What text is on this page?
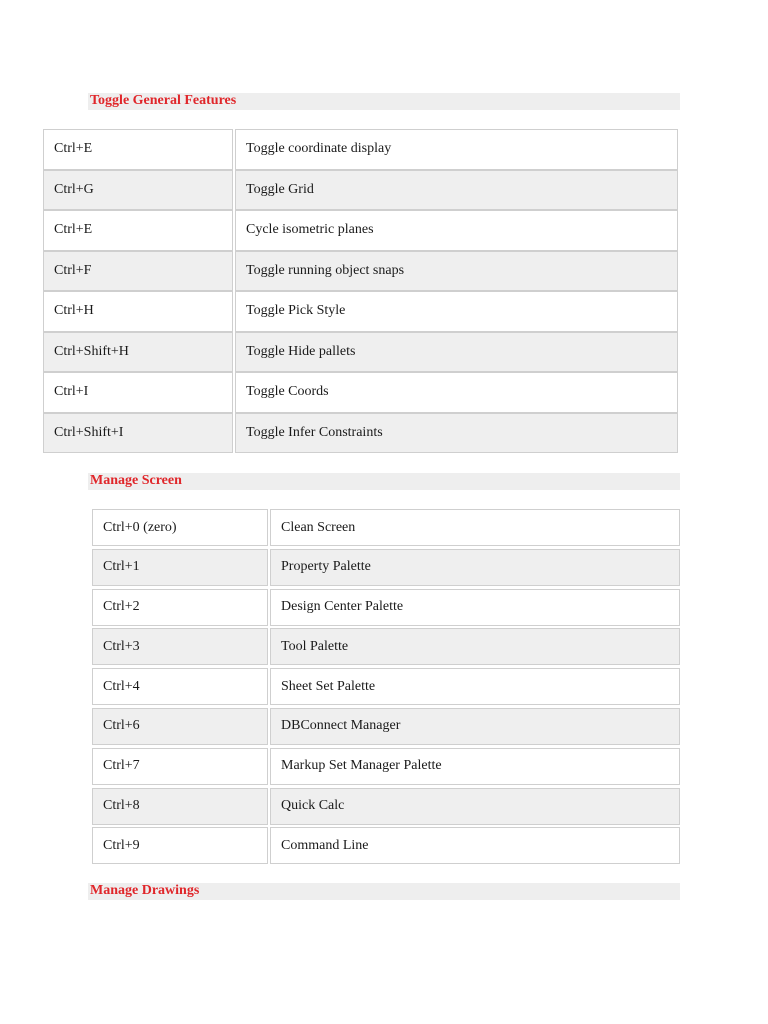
Toggle General Features
Ctrl+E	Toggle coordinate display
Ctrl+G	Toggle Grid
Ctrl+E	Cycle isometric planes
Ctrl+F	Toggle running object snaps
Ctrl+H	Toggle Pick Style
Ctrl+Shift+H	Toggle Hide pallets
Ctrl+I	Toggle Coords
Ctrl+Shift+I	Toggle Infer Constraints
Manage Screen
Ctrl+0 (zero)	Clean Screen
Ctrl+1	Property Palette
Ctrl+2	Design Center Palette
Ctrl+3	Tool Palette
Ctrl+4	Sheet Set Palette
Ctrl+6	DBConnect Manager
Ctrl+7	Markup Set Manager Palette
Ctrl+8	Quick Calc
Ctrl+9	Command Line
Manage Drawings
